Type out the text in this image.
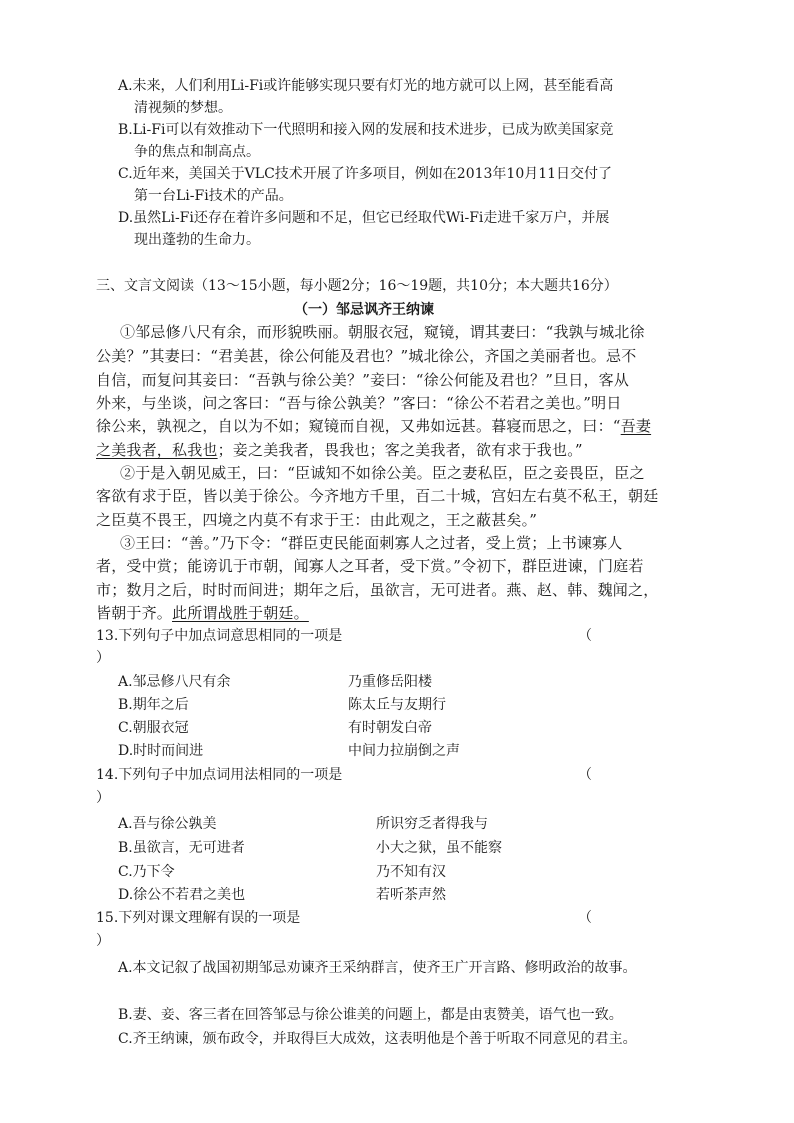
A.未来，人们利用Li-Fi或许能够实现只要有灯光的地方就可以上网，甚至能看高
清视频的梦想。
B.Li-Fi可以有效推动下一代照明和接入网的发展和技术进步，已成为欧美国家竞
争的焦点和制高点。
C.近年来，美国关于VLC技术开展了许多项目，例如在2013年10月11日交付了
第一台Li-Fi技术的产品。
D.虽然Li-Fi还存在着许多问题和不足，但它已经取代Wi-Fi走进千家万户，并展
现出蓬勃的生命力。
三、文言文阅读（13～15小题，每小题2分；16～19题，共10分；本大题共16分）
（一）邹忌讽齐王纳谏
①邹忌修八尺有余，而形貌昳丽。朝服衣冠，窥镜，谓其妻曰：“我孰与城北徐
公美？”其妻曰：“君美甚，徐公何能及君也？”城北徐公，齐国之美丽者也。忌不
自信，而复问其妾曰：“吾孰与徐公美？”妾曰：“徐公何能及君也？”旦日，客从
外来，与坐谈，问之客曰：“吾与徐公孰美？”客曰：“徐公不若君之美也。”明日
徐公来，孰视之，自以为不如；窥镜而自视，又弗如远甚。暮寝而思之，曰：“吾妻
之美我者，私我也；妾之美我者，畏我也；客之美我者，欲有求于我也。”
②于是入朝见威王，曰：“臣诚知不如徐公美。臣之妻私臣，臣之妾畏臣，臣之
客欲有求于臣，皆以美于徐公。今齐地方千里，百二十城，宫妇左右莫不私王，朝廷
之臣莫不畏王，四境之内莫不有求于王：由此观之，王之蔽甚矣。”
③王曰：“善。”乃下令：“群臣吏民能面刺寡人之过者，受上赏；上书谏寡人
者，受中赏；能谤讥于市朝，闻寡人之耳者，受下赏。”令初下，群臣进谏，门庭若
市；数月之后，时时而间进；期年之后，虽欲言，无可进者。燕、赵、韩、魏闻之，
皆朝于齐。此所谓战胜于朝廷。
13.下列句子中加点词意思相同的一项是	（
）
A.邹忌修八尺有余	乃重修岳阳楼
B.期年之后	陈太丘与友期行
C.朝服衣冠	有时朝发白帝
D.时时而间进	中间力拉崩倒之声
14.下列句子中加点词用法相同的一项是	（
）
A.吾与徐公孰美	所识穷乏者得我与
B.虽欲言，无可进者	小大之狱，虽不能察
C.乃下令	乃不知有汉
D.徐公不若君之美也	若听茶声然
15.下列对课文理解有误的一项是	（
）
A.本文记叙了战国初期邹忌劝谏齐王采纳群言，使齐王广开言路、修明政治的故事。
B.妻、妾、客三者在回答邹忌与徐公谁美的问题上，都是由衷赞美，语气也一致。
C.齐王纳谏，颁布政令，并取得巨大成效，这表明他是个善于听取不同意见的君主。
